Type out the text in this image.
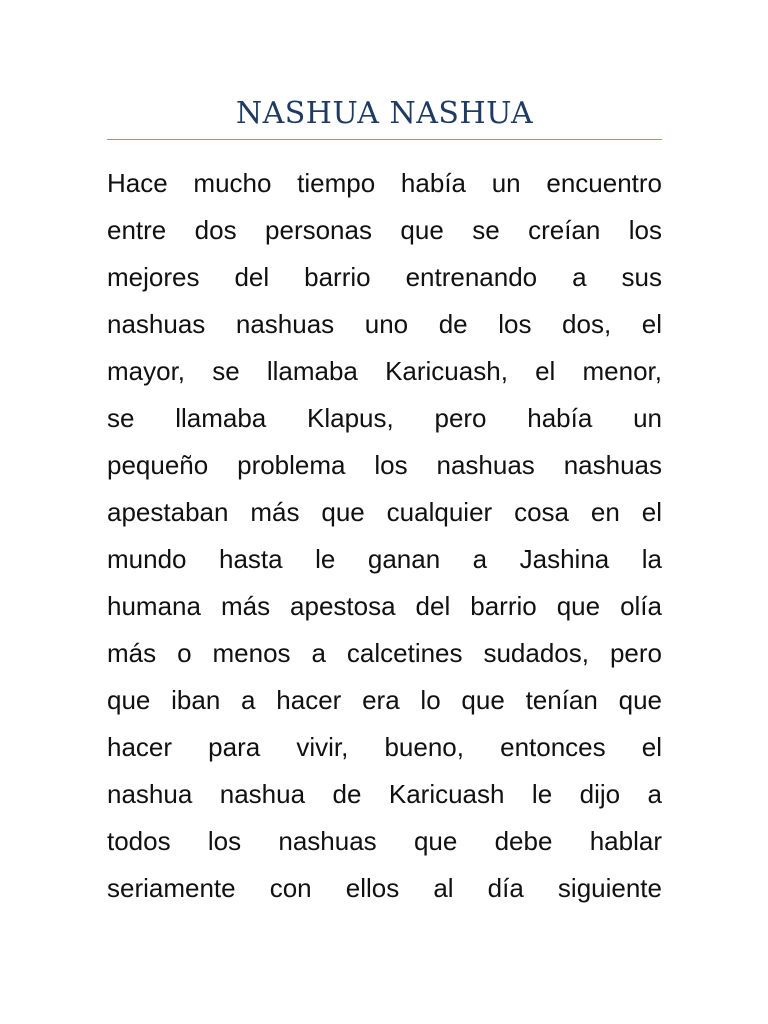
NASHUA NASHUA
Hace mucho tiempo había un encuentro
entre dos personas que se creían los
mejores del barrio entrenando a sus
nashuas nashuas uno de los dos, el
mayor, se llamaba Karicuash, el menor,
se llamaba Klapus, pero había un
pequeño problema los nashuas nashuas
apestaban más que cualquier cosa en el
mundo hasta le ganan a Jashina la
humana más apestosa del barrio que olía
más o menos a calcetines sudados, pero
que iban a hacer era lo que tenían que
hacer para vivir, bueno, entonces el
nashua nashua de Karicuash le dijo a
todos los nashuas que debe hablar
seriamente con ellos al día siguiente
